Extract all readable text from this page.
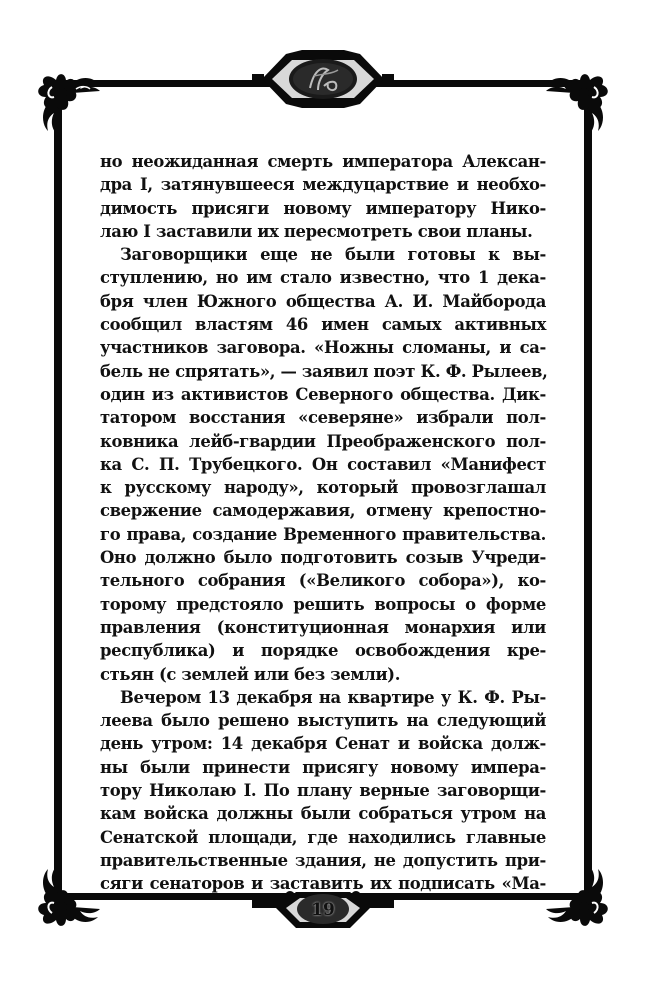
19
но неожиданная смерть императора Алексан-
дра I, затянувшееся междуцарствие и необхо-
димость присяги новому императору Нико-
лаю I заставили их пересмотреть свои планы.
Заговорщики еще не были готовы к вы-
ступлению, но им стало известно, что 1 дека-
бря член Южного общества А. И. Майборода
сообщил властям 46 имен самых активных
участников заговора. «Ножны сломаны, и са-
бель не спрятать», — заявил поэт К. Ф. Рылеев,
один из активистов Северного общества. Дик-
татором восстания «северяне» избрали пол-
ковника лейб-гвардии Преображенского пол-
ка С. П. Трубецкого. Он составил «Манифест
к русскому народу», который провозглашал
свержение самодержавия, отмену крепостно-
го права, создание Временного правительства.
Оно должно было подготовить созыв Учреди-
тельного собрания («Великого собора»), ко-
торому предстояло решить вопросы о форме
правления (конституционная монархия или
республика) и порядке освобождения кре-
стьян (с землей или без земли).
Вечером 13 декабря на квартире у К. Ф. Ры-
леева было решено выступить на следующий
день утром: 14 декабря Сенат и войска долж-
ны были принести присягу новому импера-
тору Николаю I. По плану верные заговорщи-
кам войска должны были собраться утром на
Сенатской площади, где находились главные
правительственные здания, не допустить при-
сяги сенаторов и заставить их подписать «Ма-
